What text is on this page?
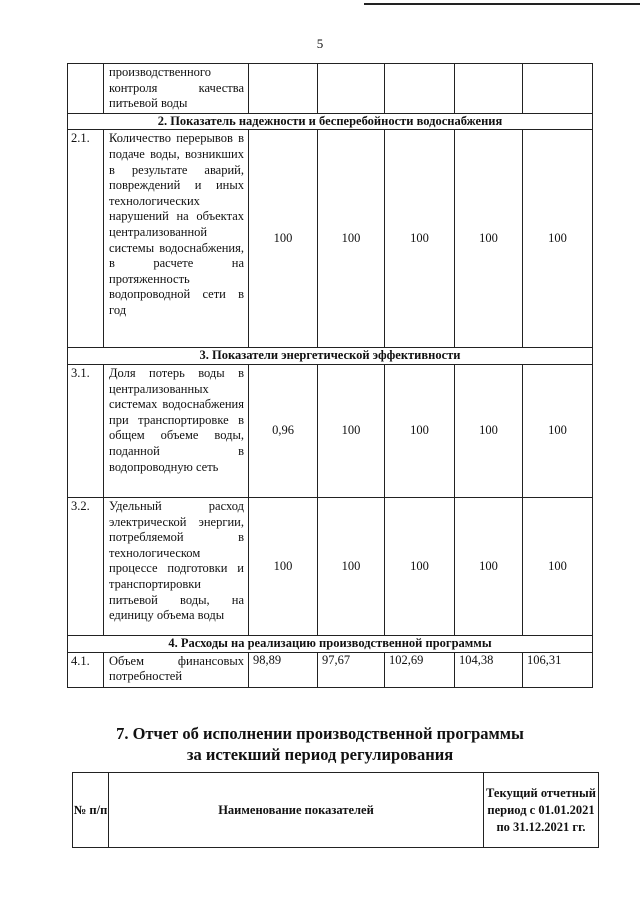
5
	производственного контроля качества питьевой воды					
2. Показатель надежности и бесперебойности водоснабжения						
2.1.	Количество перерывов в подаче воды, возникших в результате аварий, повреждений и иных технологических нарушений на объектах централизованной системы водоснабжения, в расчете на протяженность водопроводной сети в год	100	100	100	100	100
3. Показатели энергетической эффективности						
3.1.	Доля потерь воды в централизованных системах водоснабжения при транспортировке в общем объеме воды, поданной в водопроводную сеть	0,96	100	100	100	100
3.2.	Удельный расход электрической энергии, потребляемой в технологическом процессе подготовки и транспортировки питьевой воды, на единицу объема воды	100	100	100	100	100
4. Расходы на реализацию производственной программы						
4.1.	Объем финансовых потребностей	98,89	97,67	102,69	104,38	106,31
7. Отчет об исполнении производственной программы
за истекший период регулирования
№ п/п	Наименование показателей	Текущий отчетный период с 01.01.2021 по 31.12.2021 гг.
